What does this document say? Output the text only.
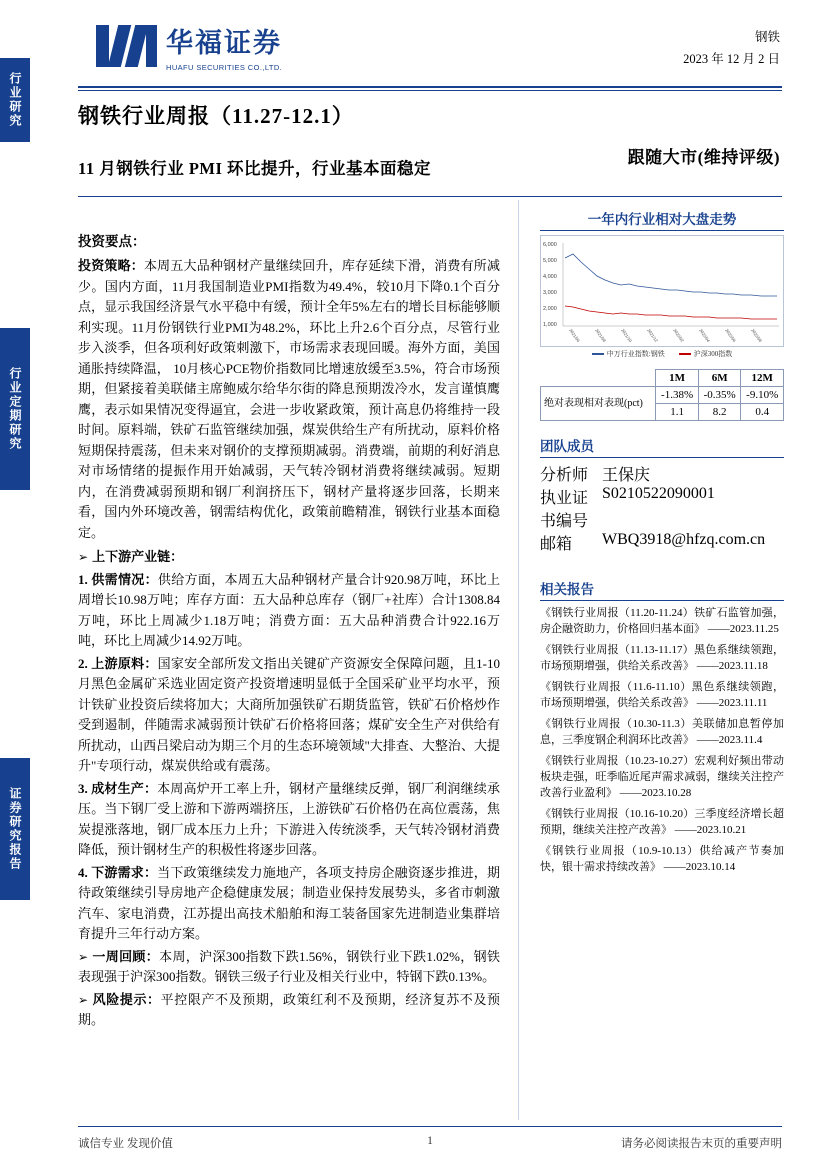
行业研究
行业定期研究
证券研究报告
华福证券
HUAFU SECURITIES CO.,LTD.
钢铁
2023 年 12 月 2 日
钢铁行业周报（11.27-12.1）
11 月钢铁行业 PMI 环比提升，行业基本面稳定
跟随大市(维持评级)
投资要点：

投资策略：本周五大品种钢材产量继续回升，库存延续下滑，消费有所减少。国内方面，11月我国制造业PMI指数为49.4%，较10月下降0.1个百分点，显示我国经济景气水平稳中有缓，预计全年5%左右的增长目标能够顺利实现。11月份钢铁行业PMI为48.2%，环比上升2.6个百分点，尽管行业步入淡季，但各项利好政策刺激下，市场需求表现回暖。海外方面，美国通胀持续降温， 10月核心PCE物价指数同比增速放缓至3.5%，符合市场预期，但紧接着美联储主席鲍威尔给华尔街的降息预期泼冷水，发言谨慎鹰鹰，表示如果情况变得逼宜，会进一步收紧政策，预计高息仍将维持一段时间。原料端，铁矿石监管继续加强，煤炭供给生产有所扰动，原料价格短期保持震荡，但未来对钢价的支撑预期减弱。消费端，前期的利好消息对市场情绪的提振作用开始减弱，天气转冷钢材消费将继续减弱。短期内，在消费减弱预期和钢厂利润挤压下，钢材产量将逐步回落，长期来看，国内外环境改善，钢需结构优化，政策前瞻精准，钢铁行业基本面稳定。

➢ 上下游产业链：

1. 供需情况：供给方面，本周五大品种钢材产量合计920.98万吨，环比上周增长10.98万吨；库存方面：五大品种总库存（钢厂+社库）合计1308.84万吨，环比上周减少1.18万吨；消费方面：五大品种消费合计922.16万吨，环比上周减少14.92万吨。

2. 上游原料：国家安全部所发文指出关键矿产资源安全保障问题，且1-10月黑色金属矿采选业固定资产投资增速明显低于全国采矿业平均水平，预计铁矿业投资后续将加大；大商所加强铁矿石期货监管，铁矿石价格炒作受到遏制，伴随需求减弱预计铁矿石价格将回落；煤矿安全生产对供给有所扰动，山西吕梁启动为期三个月的生态环境领域"大排查、大整治、大提升"专项行动，煤炭供给或有震荡。

3. 成材生产：本周高炉开工率上升，钢材产量继续反弹，钢厂利润继续承压。当下钢厂受上游和下游两端挤压，上游铁矿石价格仍在高位震荡，焦炭提涨落地，钢厂成本压力上升；下游进入传统淡季，天气转冷钢材消费降低，预计钢材生产的积极性将逐步回落。

4. 下游需求：当下政策继续发力施地产，各项支持房企融资逐步推进，期待政策继续引导房地产企稳健康发展；制造业保持发展势头，多省市刺激汽车、家电消费，江苏提出高技术船舶和海工装备国家先进制造业集群培育提升三年行动方案。

➢ 一周回顾：本周，沪深300指数下跌1.56%，钢铁行业下跌1.02%，钢铁表现强于沪深300指数。钢铁三级子行业及相关行业中，特钢下跌0.13%。

➢ 风险提示：平控限产不及预期，政策红利不及预期，经济复苏不及预期。

一年内行业相对大盘走势
6,000
5,000
4,000
3,000
2,000
1,000
2021/06	2021/08	2021/10	2021/12	2022/02	2022/04	2022/06	2022/08
中万行业指数:钢铁	沪深300指数
	1M	6M	12M
绝对表现相对表现(pct)	-1.38%	-0.35%	-9.10%
	1.1	8.2	0.4
团队成员
分析师 王保庆
执业证书编号
S0210522090001
邮箱	WBQ3918@hfzq.com.cn
相关报告
《钢铁行业周报（11.20-11.24）铁矿石监管加强，房企融资助力，价格回归基本面》 ——2023.11.25
《钢铁行业周报（11.13-11.17）黑色系继续领跑，市场预期增强，供给关系改善》 ——2023.11.18
《钢铁行业周报（11.6-11.10）黑色系继续领跑，市场预期增强，供给关系改善》 ——2023.11.11
《钢铁行业周报（10.30-11.3）美联储加息暂停加息，三季度钢企利润环比改善》 ——2023.11.4
《钢铁行业周报（10.23-10.27）宏观利好频出带动板块走强，旺季临近尾声需求减弱，继续关注控产改善行业盈利》 ——2023.10.28
《钢铁行业周报（10.16-10.20）三季度经济增长超预期，继续关注控产改善》 ——2023.10.21
《钢铁行业周报（10.9-10.13）供给减产节奏加快，银十需求持续改善》 ——2023.10.14
诚信专业 发现价值	1	请务必阅读报告末页的重要声明
